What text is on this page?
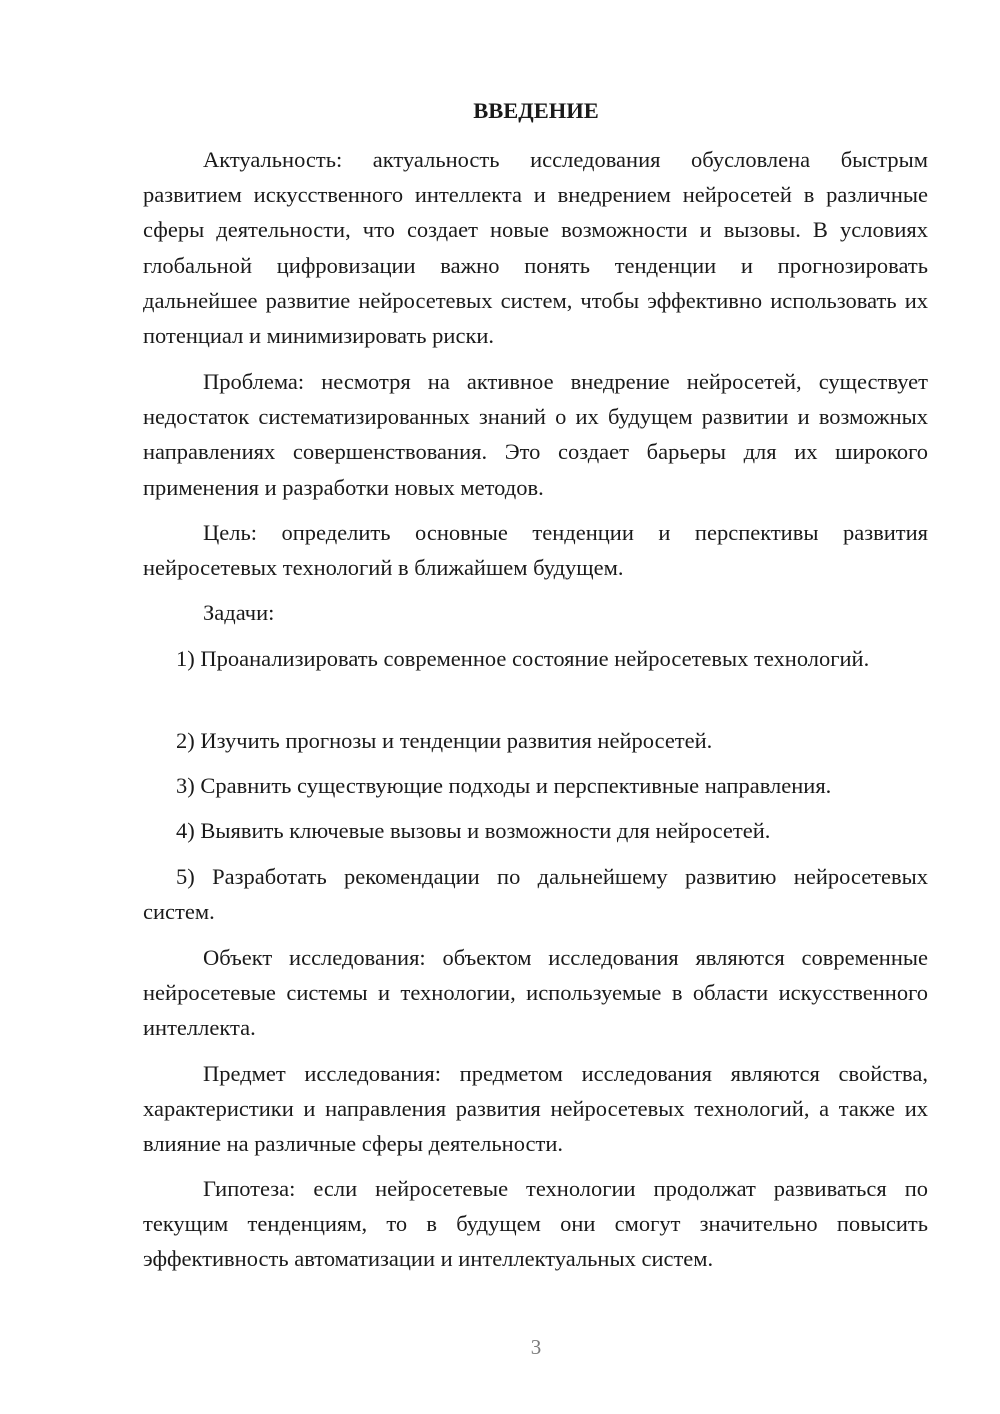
ВВЕДЕНИЕ

Актуальность: актуальность исследования обусловлена быстрым развитием искусственного интеллекта и внедрением нейросетей в различные сферы деятельности, что создает новые возможности и вызовы. В условиях глобальной цифровизации важно понять тенденции и прогнозировать дальнейшее развитие нейросетевых систем, чтобы эффективно использовать их потенциал и минимизировать риски.

Проблема: несмотря на активное внедрение нейросетей, существует недостаток систематизированных знаний о их будущем развитии и возможных направлениях совершенствования. Это создает барьеры для их широкого применения и разработки новых методов.

Цель: определить основные тенденции и перспективы развития нейросетевых технологий в ближайшем будущем.

Задачи:

1) Проанализировать современное состояние нейросетевых технологий.

2) Изучить прогнозы и тенденции развития нейросетей.

3) Сравнить существующие подходы и перспективные направления.

4) Выявить ключевые вызовы и возможности для нейросетей.

5) Разработать рекомендации по дальнейшему развитию нейросетевых систем.

Объект исследования: объектом исследования являются современные нейросетевые системы и технологии, используемые в области искусственного интеллекта.

Предмет исследования: предметом исследования являются свойства, характеристики и направления развития нейросетевых технологий, а также их влияние на различные сферы деятельности.

Гипотеза: если нейросетевые технологии продолжат развиваться по текущим тенденциям, то в будущем они смогут значительно повысить эффективность автоматизации и интеллектуальных систем.

3
